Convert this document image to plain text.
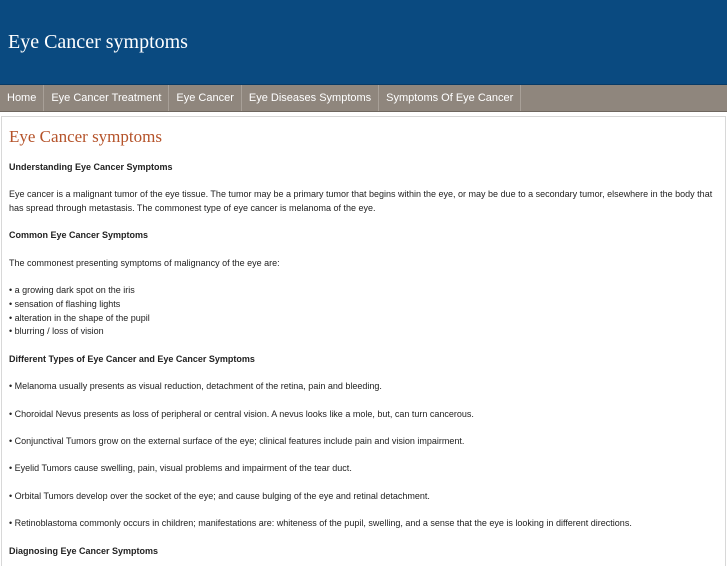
Eye Cancer symptoms
Home	Eye Cancer Treatment	Eye Cancer	Eye Diseases Symptoms	Symptoms Of Eye Cancer
Eye Cancer symptoms
Understanding Eye Cancer Symptoms

Eye cancer is a malignant tumor of the eye tissue. The tumor may be a primary tumor that begins within the eye, or may be due to a secondary tumor, elsewhere in the body that has spread through metastasis. The commonest type of eye cancer is melanoma of the eye.

Common Eye Cancer Symptoms

The commonest presenting symptoms of malignancy of the eye are:

• a growing dark spot on the iris
• sensation of flashing lights
• alteration in the shape of the pupil
• blurring / loss of vision
Different Types of Eye Cancer and Eye Cancer Symptoms

• Melanoma usually presents as visual reduction, detachment of the retina, pain and bleeding.

• Choroidal Nevus presents as loss of peripheral or central vision. A nevus looks like a mole, but, can turn cancerous.

• Conjunctival Tumors grow on the external surface of the eye; clinical features include pain and vision impairment.

• Eyelid Tumors cause swelling, pain, visual problems and impairment of the tear duct.

• Orbital Tumors develop over the socket of the eye; and cause bulging of the eye and retinal detachment.

• Retinoblastoma commonly occurs in children; manifestations are: whiteness of the pupil, swelling, and a sense that the eye is looking in different directions.

Diagnosing Eye Cancer Symptoms
